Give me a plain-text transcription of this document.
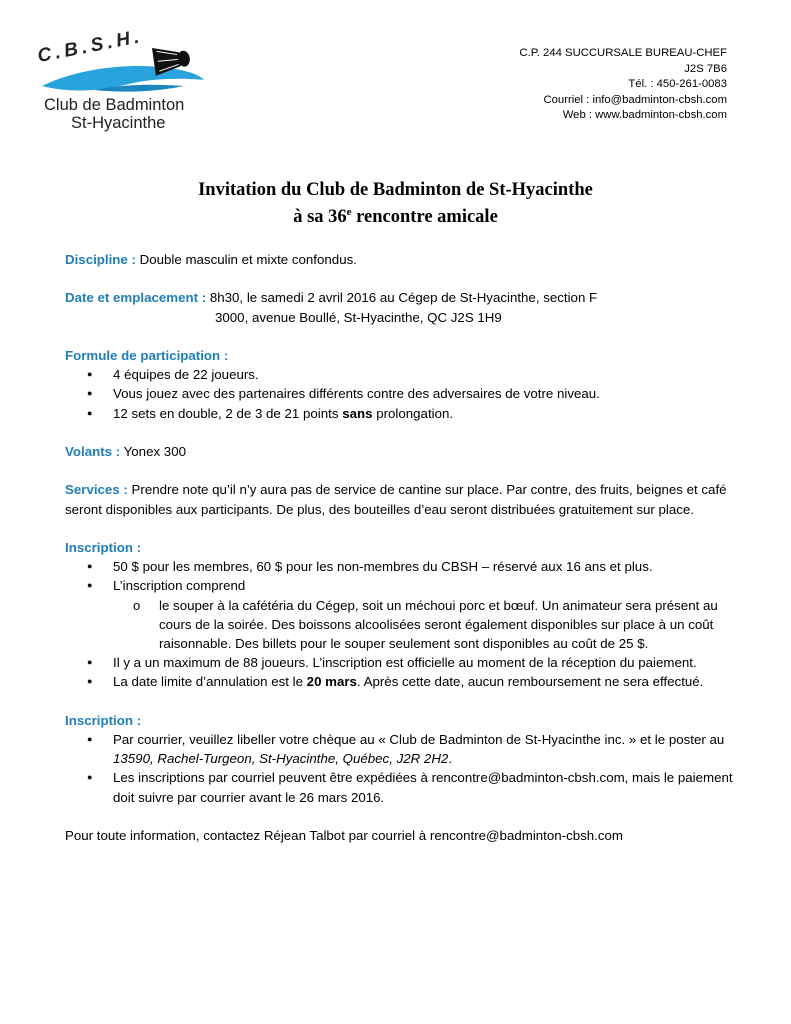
C.B.S.H.
Club de Badminton
St-Hyacinthe
C.P. 244 SUCCURSALE BUREAU-CHEF
J2S 7B6
Tél. : 450-261-0083
Courriel : info@badminton-cbsh.com
Web : www.badminton-cbsh.com
Invitation du Club de Badminton de St-Hyacinthe
à sa 36e rencontre amicale

Discipline : Double masculin et mixte confondus.

Date et emplacement : 8h30, le samedi 2 avril 2016 au Cégep de St-Hyacinthe, section F

3000, avenue Boullé, St-Hyacinthe, QC J2S 1H9

Formule de participation :

● 4 équipes de 22 joueurs.
● Vous jouez avec des partenaires différents contre des adversaires de votre niveau.
● 12 sets en double, 2 de 3 de 21 points sans prolongation.

Volants : Yonex 300

Services : Prendre note qu’il n’y aura pas de service de cantine sur place. Par contre, des fruits, beignes et café seront disponibles aux participants. De plus, des bouteilles d’eau seront distribuées gratuitement sur place.

Inscription :

● 50 $ pour les membres, 60 $ pour les non-membres du CBSH – réservé aux 16 ans et plus.
● L’inscription comprend
o le souper à la cafétéria du Cégep, soit un méchoui porc et bœuf. Un animateur sera présent au cours de la soirée. Des boissons alcoolisées seront également disponibles sur place à un coût raisonnable. Des billets pour le souper seulement sont disponibles au coût de 25 $.
● Il y a un maximum de 88 joueurs. L’inscription est officielle au moment de la réception du paiement.
● La date limite d’annulation est le 20 mars. Après cette date, aucun remboursement ne sera effectué.

Inscription :

● Par courrier, veuillez libeller votre chèque au « Club de Badminton de St-Hyacinthe inc. » et le poster au 13590, Rachel-Turgeon, St-Hyacinthe, Québec, J2R 2H2.
● Les inscriptions par courriel peuvent être expédiées à rencontre@badminton-cbsh.com, mais le paiement doit suivre par courrier avant le 26 mars 2016.

Pour toute information, contactez Réjean Talbot par courriel à rencontre@badminton-cbsh.com
